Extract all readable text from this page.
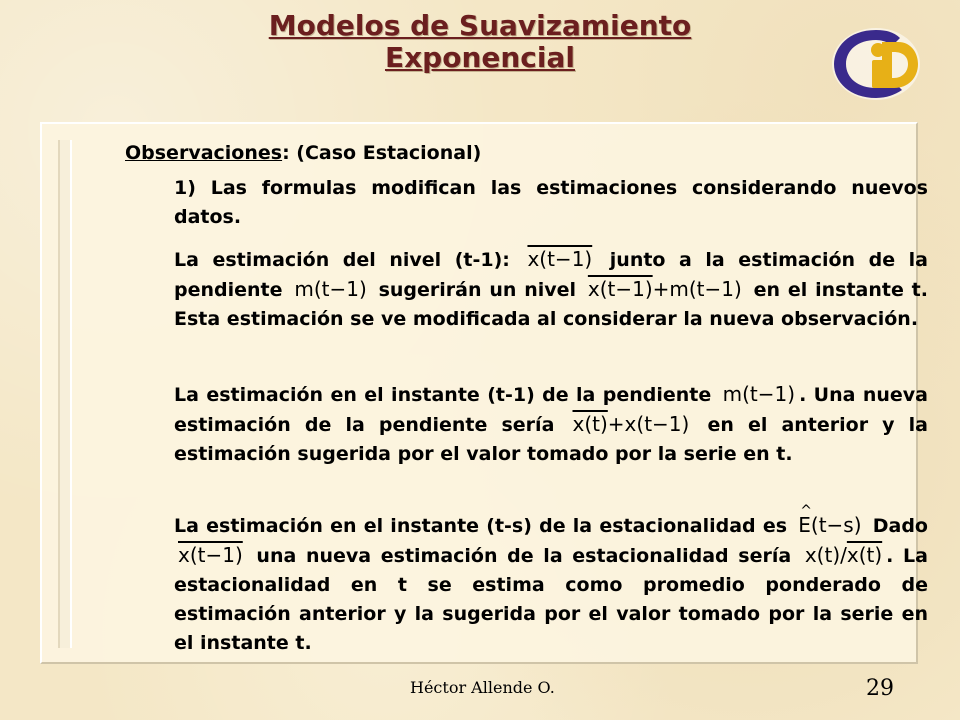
Modelos de Suavizamiento
Exponencial

Observaciones: (Caso Estacional)

1) Las formulas modifican las estimaciones considerando nuevos datos.

La estimación del nivel (t-1): x(t−1) junto a la estimación de la pendiente m(t−1) sugerirán un nivel x(t−1)+m(t−1) en el instante t. Esta estimación se ve modificada al considerar la nueva observación.

La estimación en el instante (t-1) de la pendiente m(t−1) . Una nueva estimación de la pendiente sería x(t)+x(t−1) en el anterior y la estimación sugerida por el valor tomado por la serie en t.

La estimación en el instante (t-s) de la estacionalidad es ^ E(t−s) Dado x(t−1) una nueva estimación de la estacionalidad sería x(t)/x(t) . La estacionalidad en t se estima como promedio ponderado de estimación anterior y la sugerida por el valor tomado por la serie en el instante t.

Héctor Allende O.	29
